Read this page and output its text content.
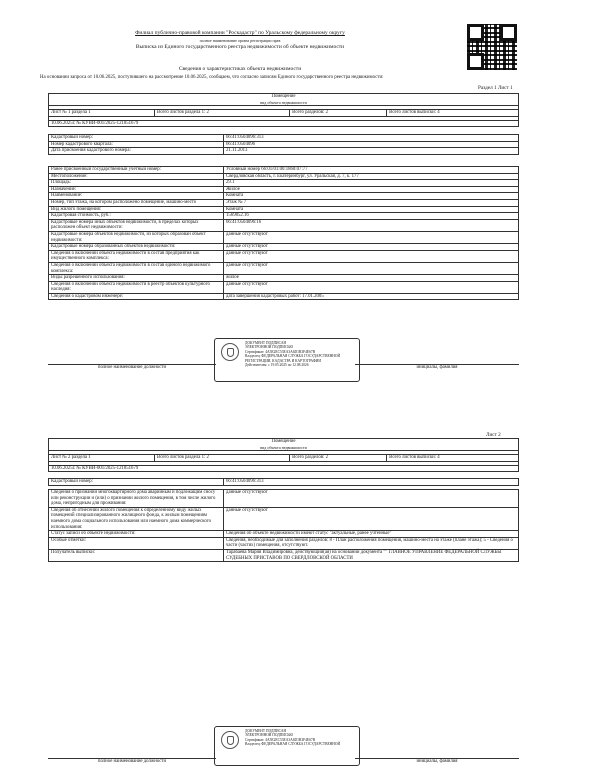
Филиал публично-правовой компании "Роскадастр" по Уральскому федеральному округу
полное наименование органа регистрации прав
Выписка из Единого государственного реестра недвижимости об объекте недвижимости
Сведения о характеристиках объекта недвижимости
На основании запроса от 10.06.2025, поступившего на рассмотрение 10.06.2025, сообщаем, что согласно записям Единого государственного реестра недвижимости:
Раздел 1 Лист 1
Помещение
вид объекта недвижимости

Лист № 1 раздела 1	Всего листов раздела 1: 2	Всего разделов: 2	Всего листов выписки: 4

10.06.2025г. № КУВИ-001/2025-121851679
Кадастровый номер:	66:41:0504096:313
Номер кадастрового квартала:	66:41:0504096
Дата присвоения кадастрового номера:	21.11.2013
Ранее присвоенный государственный учетный номер:	Условный номер 66:01/01:00:1860:07:77
Местоположение:	Свердловская область, г. Екатеринбург, ул. Уральская, д. 7, к. 177
Площадь:	29.1
Назначение:	Жилое
Наименование:	Комната
Номер, тип этажа, на котором расположено помещение, машино-место	Этаж № 7
Вид жилого помещения:	Комната
Кадастровая стоимость, руб.:	1569852.16
Кадастровые номера иных объектов недвижимости, в пределах которых расположен объект недвижимости:	66:41:0504096:16
Кадастровые номера объектов недвижимости, из которых образован объект недвижимости:	данные отсутствуют
Кадастровые номера образованных объектов недвижимости:	данные отсутствуют
Сведения о включении объекта недвижимости в состав предприятия как имущественного комплекса:	данные отсутствуют
Сведения о включении объекта недвижимости в состав единого недвижимого комплекса:	данные отсутствуют
Виды разрешенного использования:	жилое
Сведения о включении объекта недвижимости в реестр объектов культурного наследия:	данные отсутствуют
Сведения о кадастровом инженере:	дата завершения кадастровых работ: 17.01.2005
ДОКУМЕНТ ПОДПИСАН
ЭЛЕКТРОННОЙ ПОДПИСЬЮ
Сертификат: 4A5E2EC53EA3A6D1B3F4E67B
Владелец: ФЕДЕРАЛЬНАЯ СЛУЖБА ГОСУДАРСТВЕННОЙ
РЕГИСТРАЦИИ, КАДАСТРА И КАРТОГРАФИИ
Действителен: с 19.05.2025 по 12.08.2026
полное наименование должности	инициалы, фамилия
Лист 2
Помещение
вид объекта недвижимости

Лист № 2 раздела 1	Всего листов раздела 1: 2	Всего разделов: 2	Всего листов выписки: 4

10.06.2025г. № КУВИ-001/2025-121851679
Кадастровый номер:	66:41:0504096:313
Сведения о признании многоквартирного дома аварийным и подлежащим сносу или реконструкции и (или) о признании жилого помещения, в том числе жилого дома, непригодным для проживания:	данные отсутствуют
Сведения об отнесении жилого помещения к определенному виду жилых помещений специализированного жилищного фонда, к жилым помещениям наемного дома социального использования или наемного дома коммерческого использования:	данные отсутствуют
Статус записи об объекте недвижимости:	Сведения об объекте недвижимости имеют статус "актуальные, ранее учтенные"
Особые отметки:	Сведения, необходимые для заполнения разделов: 8 - План расположения помещения, машино-места на этаже (плане этажа); 5 - Сведения о части (частях) помещения, отсутствуют.
Получатель выписки:	Тарабаева Мария Владимировна, действующий(ая) на основании документа "" ГЛАВНОЕ УПРАВЛЕНИЕ ФЕДЕРАЛЬНОЙ СЛУЖБЫ СУДЕБНЫХ ПРИСТАВОВ ПО СВЕРДЛОВСКОЙ ОБЛАСТИ
ДОКУМЕНТ ПОДПИСАН
ЭЛЕКТРОННОЙ ПОДПИСЬЮ
Сертификат: 4A5E2EC53EA3A6D1B3F4E67B
Владелец: ФЕДЕРАЛЬНАЯ СЛУЖБА ГОСУДАРСТВЕННОЙ
полное наименование должности	инициалы, фамилия
